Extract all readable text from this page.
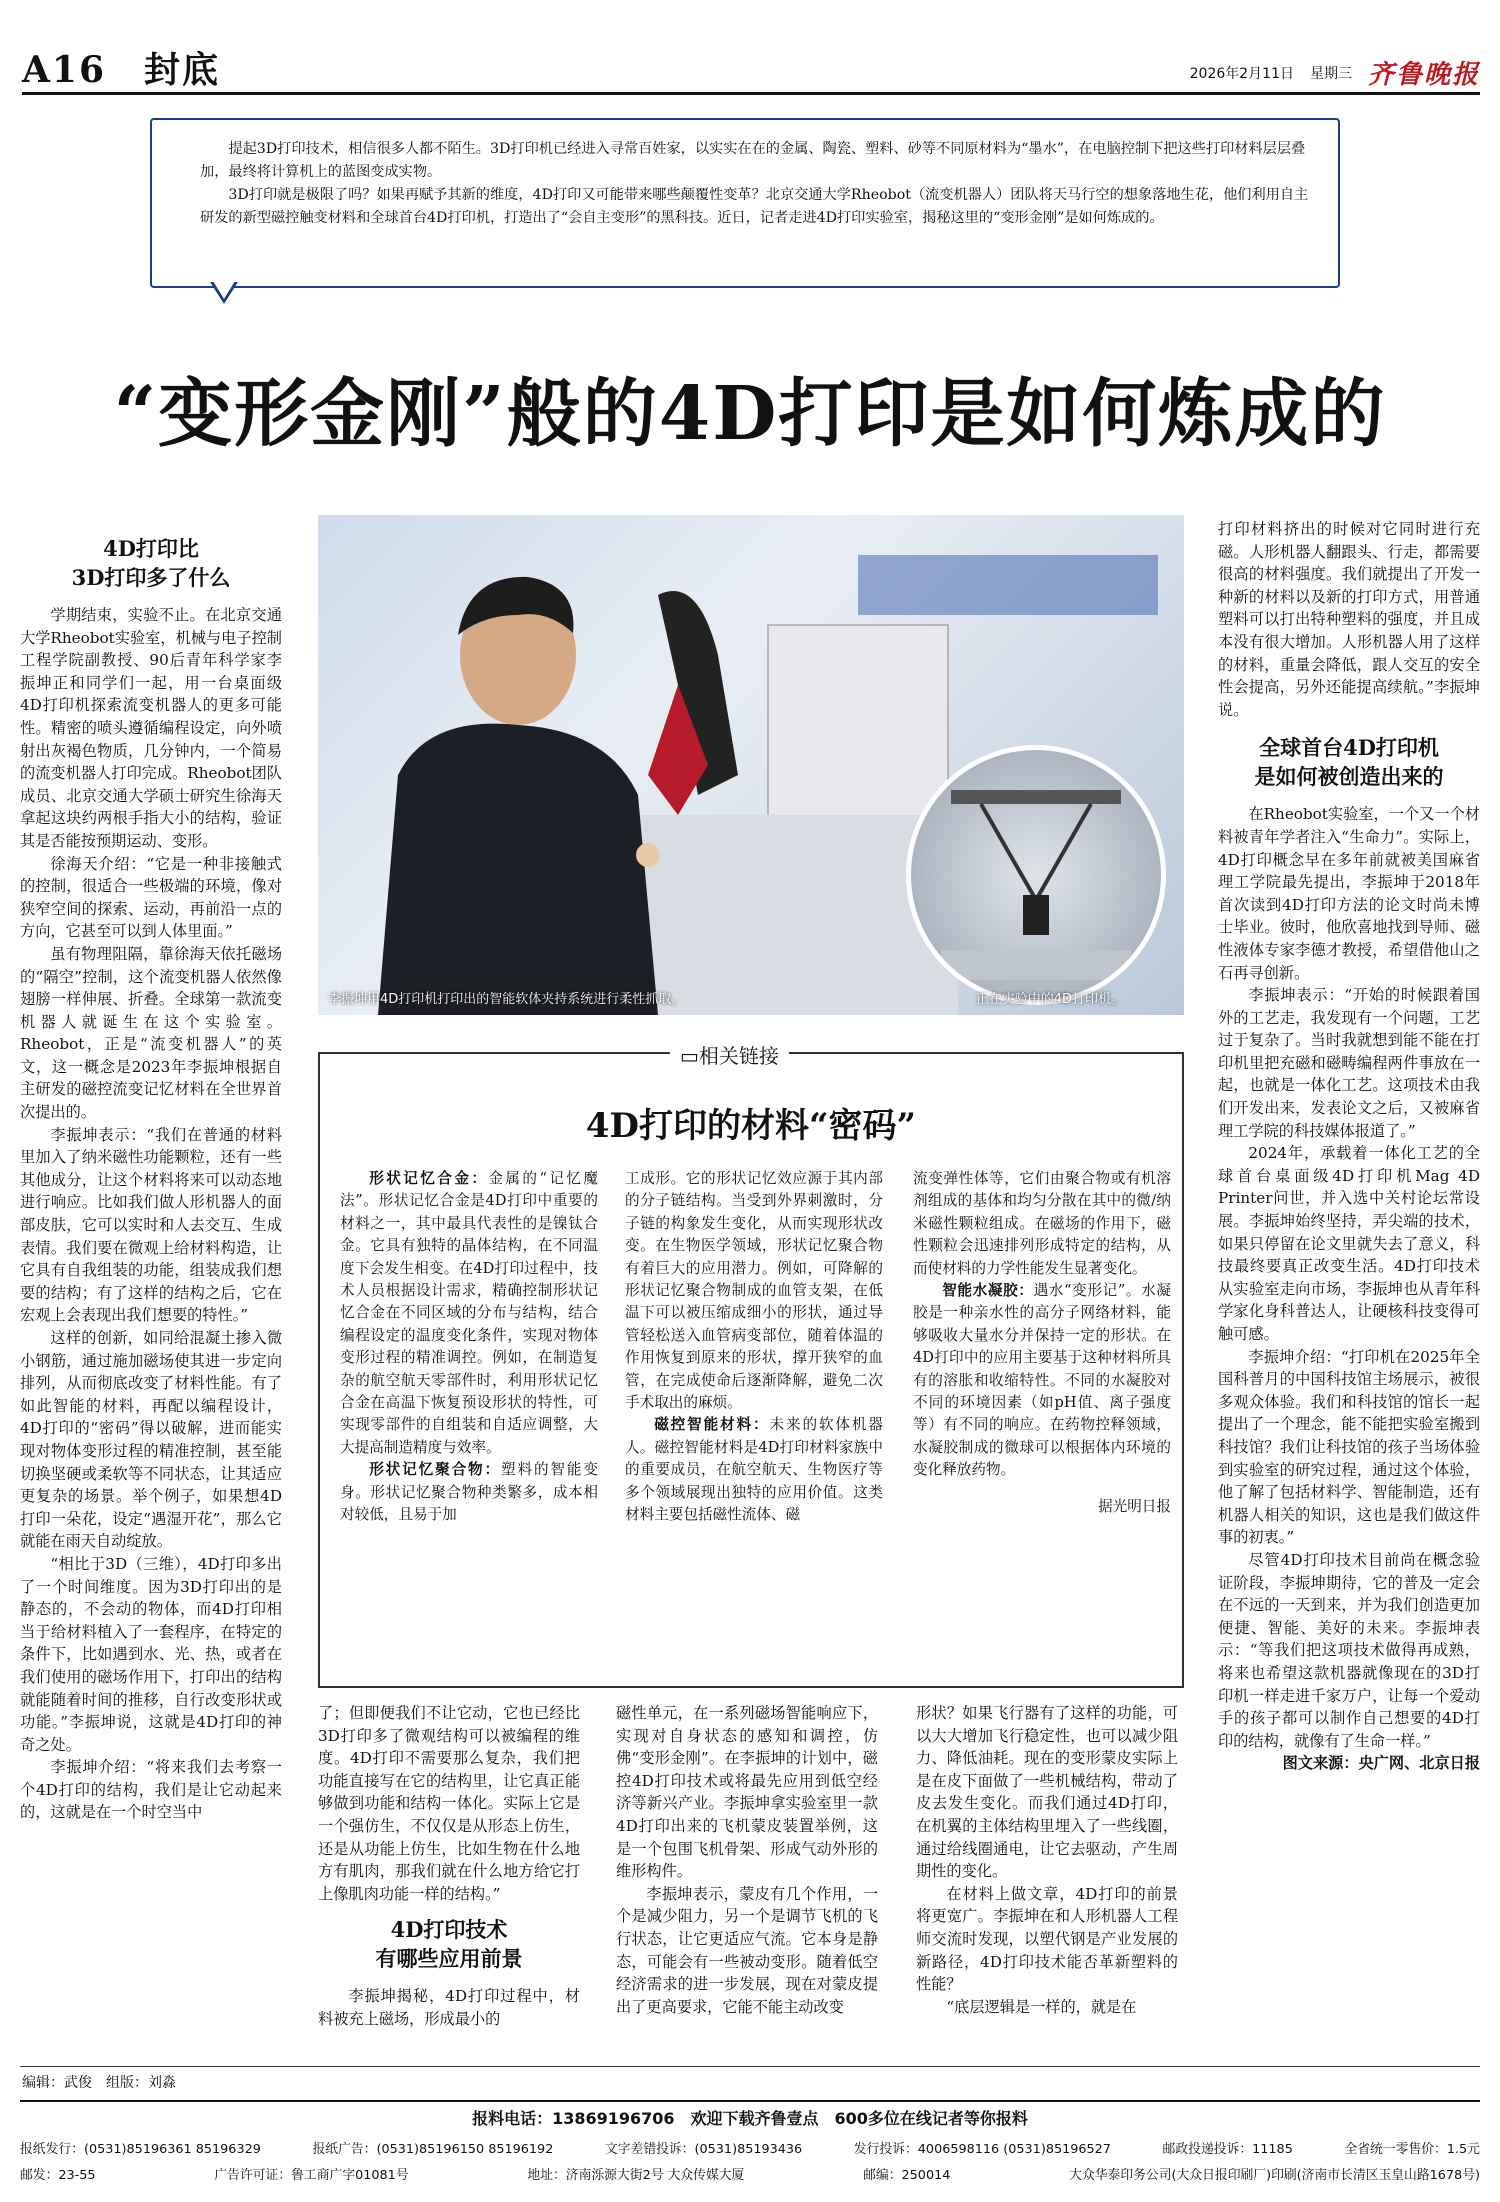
A16　 封底	2026年2月11日 星期三 齐鲁晚报

提起3D打印技术，相信很多人都不陌生。3D打印机已经进入寻常百姓家，以实实在在的金属、陶瓷、塑料、砂等不同原材料为“墨水”，在电脑控制下把这些打印材料层层叠加，最终将计算机上的蓝图变成实物。

3D打印就是极限了吗？如果再赋予其新的维度，4D打印又可能带来哪些颠覆性变革？北京交通大学Rheobot（流变机器人）团队将天马行空的想象落地生花，他们利用自主研发的新型磁控触变材料和全球首台4D打印机，打造出了“会自主变形”的黑科技。近日，记者走进4D打印实验室，揭秘这里的“变形金刚”是如何炼成的。

“变形金刚”般的4D打印是如何炼成的
4D打印比
3D打印多了什么

学期结束，实验不止。在北京交通大学Rheobot实验室，机械与电子控制工程学院副教授、90后青年科学家李振坤正和同学们一起，用一台桌面级4D打印机探索流变机器人的更多可能性。精密的喷头遵循编程设定，向外喷射出灰褐色物质，几分钟内，一个简易的流变机器人打印完成。Rheobot团队成员、北京交通大学硕士研究生徐海天拿起这块约两根手指大小的结构，验证其是否能按预期运动、变形。

徐海天介绍：“它是一种非接触式的控制，很适合一些极端的环境，像对狭窄空间的探索、运动，再前沿一点的方向，它甚至可以到人体里面。”

虽有物理阻隔，靠徐海天依托磁场的“隔空”控制，这个流变机器人依然像翅膀一样伸展、折叠。全球第一款流变机器人就诞生在这个实验室。Rheobot，正是“流变机器人”的英文，这一概念是2023年李振坤根据自主研发的磁控流变记忆材料在全世界首次提出的。

李振坤表示：“我们在普通的材料里加入了纳米磁性功能颗粒，还有一些其他成分，让这个材料将来可以动态地进行响应。比如我们做人形机器人的面部皮肤，它可以实时和人去交互、生成表情。我们要在微观上给材料构造，让它具有自我组装的功能，组装成我们想要的结构；有了这样的结构之后，它在宏观上会表现出我们想要的特性。”

这样的创新，如同给混凝土掺入微小钢筋，通过施加磁场使其进一步定向排列，从而彻底改变了材料性能。有了如此智能的材料，再配以编程设计，4D打印的“密码”得以破解，进而能实现对物体变形过程的精准控制，甚至能切换坚硬或柔软等不同状态，让其适应更复杂的场景。举个例子，如果想4D打印一朵花，设定“遇湿开花”，那么它就能在雨天自动绽放。

“相比于3D（三维），4D打印多出了一个时间维度。因为3D打印出的是静态的，不会动的物体，而4D打印相当于给材料植入了一套程序，在特定的条件下，比如遇到水、光、热，或者在我们使用的磁场作用下，打印出的结构就能随着时间的推移，自行改变形状或功能。”李振坤说，这就是4D打印的神奇之处。

李振坤介绍：“将来我们去考察一个4D打印的结构，我们是让它动起来的，这就是在一个时空当中

李振坤用4D打印机打印出的智能软体夹持系统进行柔性抓取。	正在实验中的4D打印机。
▭相关链接
4D打印的材料“密码”

形状记忆合金：金属的“记忆魔法”。形状记忆合金是4D打印中重要的材料之一，其中最具代表性的是镍钛合金。它具有独特的晶体结构，在不同温度下会发生相变。在4D打印过程中，技术人员根据设计需求，精确控制形状记忆合金在不同区域的分布与结构，结合编程设定的温度变化条件，实现对物体变形过程的精准调控。例如，在制造复杂的航空航天零部件时，利用形状记忆合金在高温下恢复预设形状的特性，可实现零部件的自组装和自适应调整，大大提高制造精度与效率。

形状记忆聚合物：塑料的智能变身。形状记忆聚合物种类繁多，成本相对较低，且易于加

工成形。它的形状记忆效应源于其内部的分子链结构。当受到外界刺激时，分子链的构象发生变化，从而实现形状改变。在生物医学领域，形状记忆聚合物有着巨大的应用潜力。例如，可降解的形状记忆聚合物制成的血管支架，在低温下可以被压缩成细小的形状，通过导管轻松送入血管病变部位，随着体温的作用恢复到原来的形状，撑开狭窄的血管，在完成使命后逐渐降解，避免二次手术取出的麻烦。

磁控智能材料：未来的软体机器人。磁控智能材料是4D打印材料家族中的重要成员，在航空航天、生物医疗等多个领域展现出独特的应用价值。这类材料主要包括磁性流体、磁

流变弹性体等，它们由聚合物或有机溶剂组成的基体和均匀分散在其中的微/纳米磁性颗粒组成。在磁场的作用下，磁性颗粒会迅速排列形成特定的结构，从而使材料的力学性能发生显著变化。

智能水凝胶：遇水“变形记”。水凝胶是一种亲水性的高分子网络材料，能够吸收大量水分并保持一定的形状。在4D打印中的应用主要基于这种材料所具有的溶胀和收缩特性。不同的水凝胶对不同的环境因素（如pH值、离子强度等）有不同的响应。在药物控释领域，水凝胶制成的微球可以根据体内环境的变化释放药物。

据光明日报

了；但即便我们不让它动，它也已经比3D打印多了微观结构可以被编程的维度。4D打印不需要那么复杂，我们把功能直接写在它的结构里，让它真正能够做到功能和结构一体化。实际上它是一个强仿生，不仅仅是从形态上仿生，还是从功能上仿生，比如生物在什么地方有肌肉，那我们就在什么地方给它打上像肌肉功能一样的结构。”

4D打印技术
有哪些应用前景

李振坤揭秘，4D打印过程中，材料被充上磁场，形成最小的

磁性单元，在一系列磁场智能响应下，实现对自身状态的感知和调控，仿佛“变形金刚”。在李振坤的计划中，磁控4D打印技术或将最先应用到低空经济等新兴产业。李振坤拿实验室里一款4D打印出来的飞机蒙皮装置举例，这是一个包围飞机骨架、形成气动外形的维形构件。

李振坤表示，蒙皮有几个作用，一个是减少阻力，另一个是调节飞机的飞行状态，让它更适应气流。它本身是静态，可能会有一些被动变形。随着低空经济需求的进一步发展，现在对蒙皮提出了更高要求，它能不能主动改变

形状？如果飞行器有了这样的功能，可以大大增加飞行稳定性，也可以减少阻力、降低油耗。现在的变形蒙皮实际上是在皮下面做了一些机械结构，带动了皮去发生变化。而我们通过4D打印，在机翼的主体结构里埋入了一些线圈，通过给线圈通电，让它去驱动，产生周期性的变化。

在材料上做文章，4D打印的前景将更宽广。李振坤在和人形机器人工程师交流时发现，以塑代钢是产业发展的新路径，4D打印技术能否革新塑料的性能？

“底层逻辑是一样的，就是在

打印材料挤出的时候对它同时进行充磁。人形机器人翻跟头、行走，都需要很高的材料强度。我们就提出了开发一种新的材料以及新的打印方式，用普通塑料可以打出特种塑料的强度，并且成本没有很大增加。人形机器人用了这样的材料，重量会降低，跟人交互的安全性会提高，另外还能提高续航。”李振坤说。

全球首台4D打印机
是如何被创造出来的

在Rheobot实验室，一个又一个材料被青年学者注入“生命力”。实际上，4D打印概念早在多年前就被美国麻省理工学院最先提出，李振坤于2018年首次读到4D打印方法的论文时尚未博士毕业。彼时，他欣喜地找到导师、磁性液体专家李德才教授，希望借他山之石再寻创新。

李振坤表示：“开始的时候跟着国外的工艺走，我发现有一个问题，工艺过于复杂了。当时我就想到能不能在打印机里把充磁和磁畴编程两件事放在一起，也就是一体化工艺。这项技术由我们开发出来，发表论文之后，又被麻省理工学院的科技媒体报道了。”

2024年，承载着一体化工艺的全球首台桌面级4D打印机Mag 4D Printer问世，并入选中关村论坛常设展。李振坤始终坚持，弄尖端的技术，如果只停留在论文里就失去了意义，科技最终要真正改变生活。4D打印技术从实验室走向市场，李振坤也从青年科学家化身科普达人，让硬核科技变得可触可感。

李振坤介绍：“打印机在2025年全国科普月的中国科技馆主场展示，被很多观众体验。我们和科技馆的馆长一起提出了一个理念，能不能把实验室搬到科技馆？我们让科技馆的孩子当场体验到实验室的研究过程，通过这个体验，他了解了包括材料学、智能制造，还有机器人相关的知识，这也是我们做这件事的初衷。”

尽管4D打印技术目前尚在概念验证阶段，李振坤期待，它的普及一定会在不远的一天到来，并为我们创造更加便捷、智能、美好的未来。李振坤表示：“等我们把这项技术做得再成熟，将来也希望这款机器就像现在的3D打印机一样走进千家万户，让每一个爱动手的孩子都可以制作自己想要的4D打印的结构，就像有了生命一样。”

图文来源：央广网、北京日报
编辑：武俊　组版：刘淼
报料电话：13869196706　欢迎下载齐鲁壹点　600多位在线记者等你报料
报纸发行：(0531)85196361 85196329	报纸广告：(0531)85196150 85196192	文字差错投诉：(0531)85193436	发行投诉：4006598116 (0531)85196527	邮政投递投诉：11185	全省统一零售价：1.5元
邮发：23-55	广告许可证：鲁工商广字01081号	地址：济南泺源大街2号 大众传媒大厦	邮编：250014	大众华泰印务公司(大众日报印刷厂)印刷(济南市长清区玉皇山路1678号)
